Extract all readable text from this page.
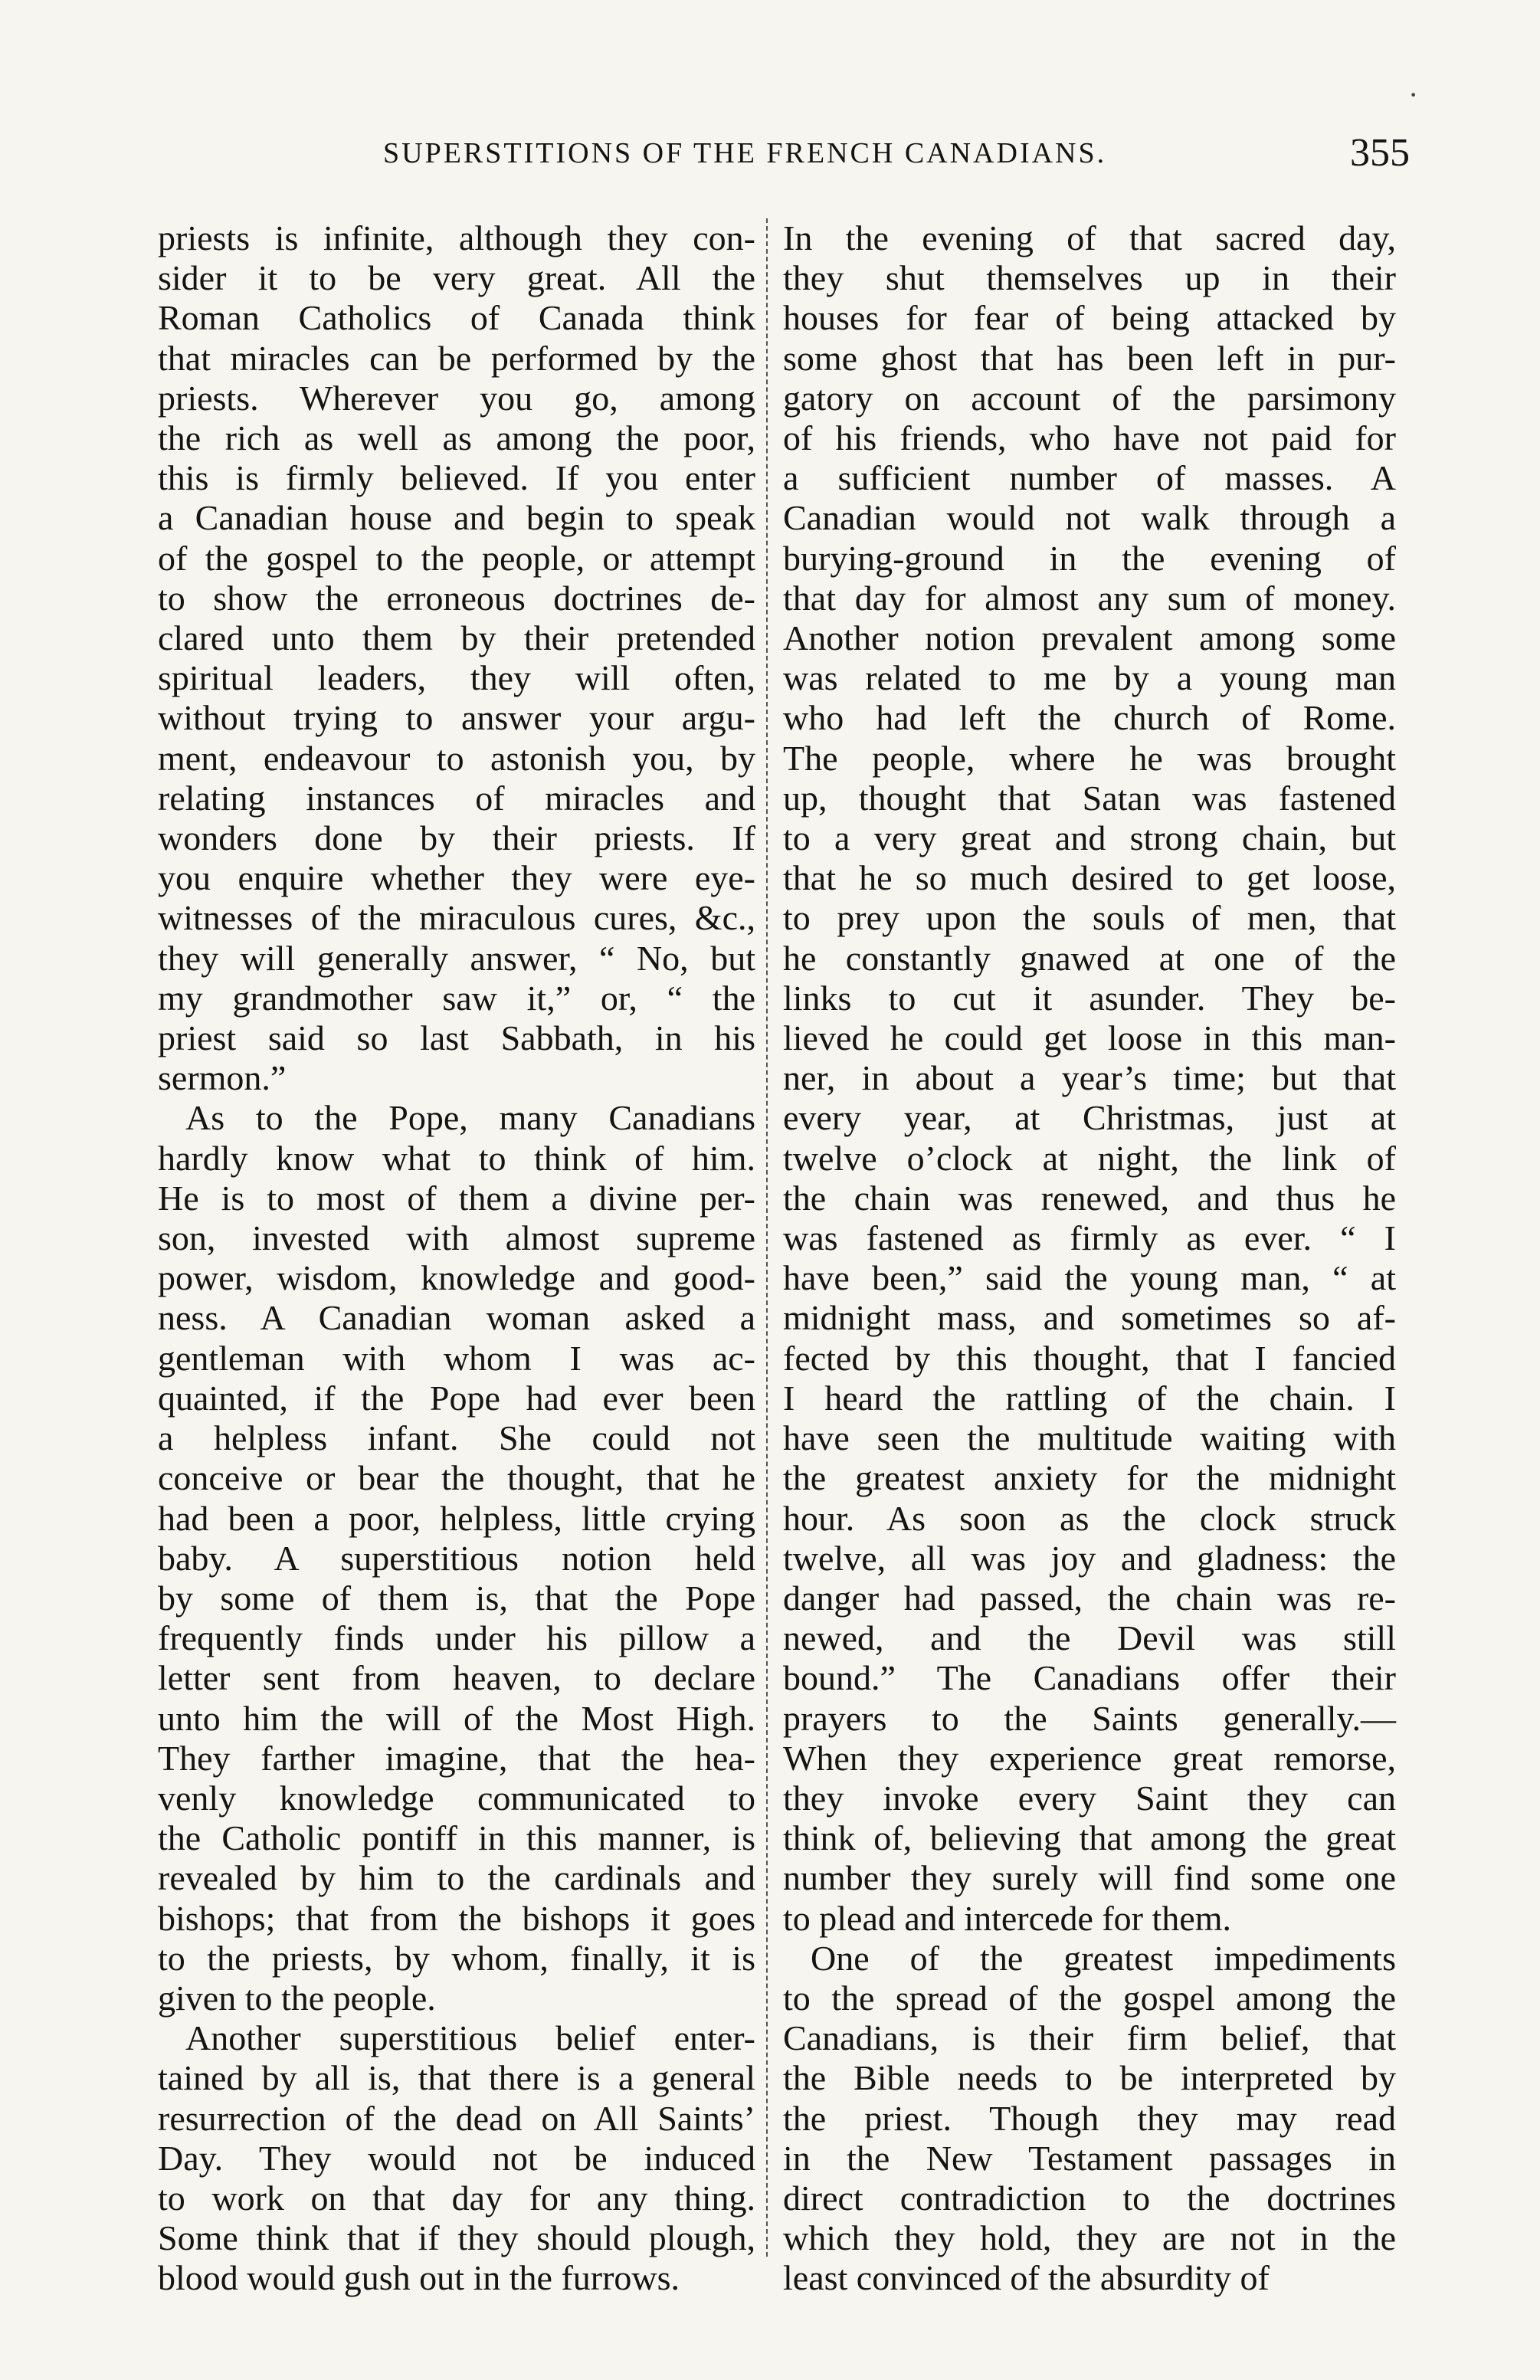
·
SUPERSTITIONS OF THE FRENCH CANADIANS.	355

priests is infinite, although they con-
sider it to be very great. All the
Roman Catholics of Canada think
that miracles can be performed by the
priests. Wherever you go, among
the rich as well as among the poor,
this is firmly believed. If you enter
a Canadian house and begin to speak
of the gospel to the people, or attempt
to show the erroneous doctrines de-
clared unto them by their pretended
spiritual leaders, they will often,
without trying to answer your argu-
ment, endeavour to astonish you, by
relating instances of miracles and
wonders done by their priests. If
you enquire whether they were eye-
witnesses of the miraculous cures, &c.,
they will generally answer, “ No, but
my grandmother saw it,” or, “ the
priest said so last Sabbath, in his
sermon.”

As to the Pope, many Canadians
hardly know what to think of him.
He is to most of them a divine per-
son, invested with almost supreme
power, wisdom, knowledge and good-
ness. A Canadian woman asked a
gentleman with whom I was ac-
quainted, if the Pope had ever been
a helpless infant. She could not
conceive or bear the thought, that he
had been a poor, helpless, little crying
baby. A superstitious notion held
by some of them is, that the Pope
frequently finds under his pillow a
letter sent from heaven, to declare
unto him the will of the Most High.
They farther imagine, that the hea-
venly knowledge communicated to
the Catholic pontiff in this manner, is
revealed by him to the cardinals and
bishops; that from the bishops it goes
to the priests, by whom, finally, it is
given to the people.

Another superstitious belief enter-
tained by all is, that there is a general
resurrection of the dead on All Saints’
Day. They would not be induced
to work on that day for any thing.
Some think that if they should plough,
blood would gush out in the furrows.

In the evening of that sacred day,
they shut themselves up in their
houses for fear of being attacked by
some ghost that has been left in pur-
gatory on account of the parsimony
of his friends, who have not paid for
a sufficient number of masses. A
Canadian would not walk through a
burying-ground in the evening of
that day for almost any sum of money.
Another notion prevalent among some
was related to me by a young man
who had left the church of Rome.
The people, where he was brought
up, thought that Satan was fastened
to a very great and strong chain, but
that he so much desired to get loose,
to prey upon the souls of men, that
he constantly gnawed at one of the
links to cut it asunder. They be-
lieved he could get loose in this man-
ner, in about a year’s time; but that
every year, at Christmas, just at
twelve o’clock at night, the link of
the chain was renewed, and thus he
was fastened as firmly as ever. “ I
have been,” said the young man, “ at
midnight mass, and sometimes so af-
fected by this thought, that I fancied
I heard the rattling of the chain. I
have seen the multitude waiting with
the greatest anxiety for the midnight
hour. As soon as the clock struck
twelve, all was joy and gladness: the
danger had passed, the chain was re-
newed, and the Devil was still
bound.” The Canadians offer their
prayers to the Saints generally.—
When they experience great remorse,
they invoke every Saint they can
think of, believing that among the great
number they surely will find some one
to plead and intercede for them.

One of the greatest impediments
to the spread of the gospel among the
Canadians, is their firm belief, that
the Bible needs to be interpreted by
the priest. Though they may read
in the New Testament passages in
direct contradiction to the doctrines
which they hold, they are not in the
least convinced of the absurdity of
